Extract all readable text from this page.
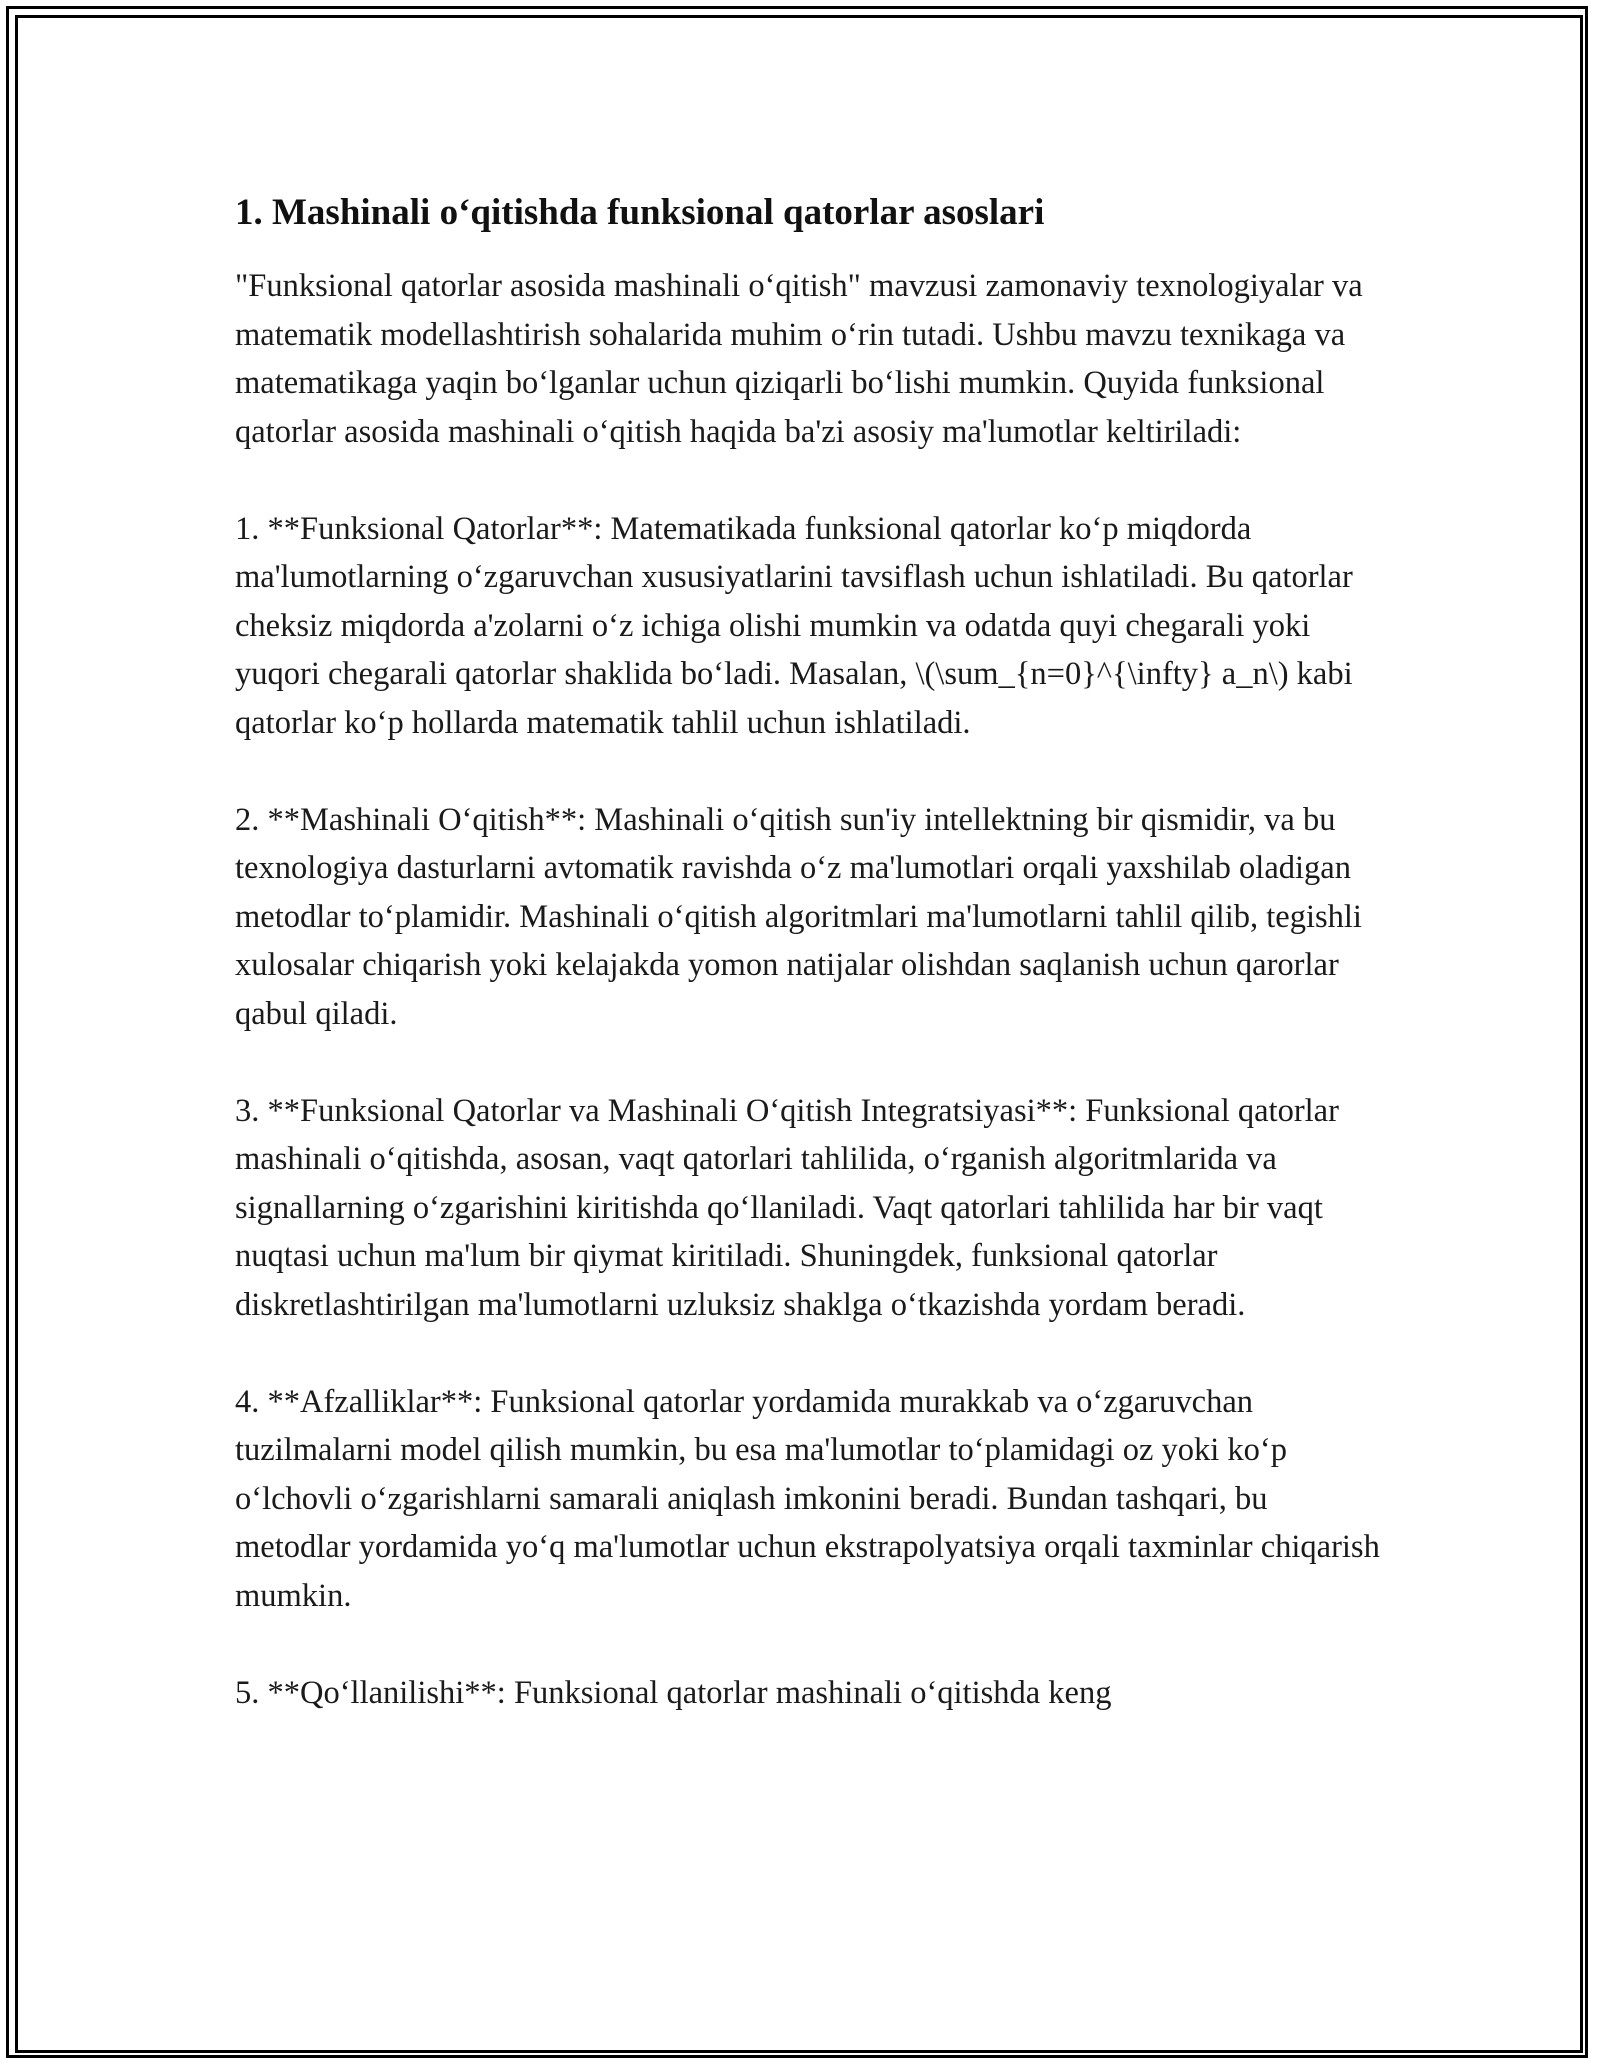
1. Mashinali o‘qitishda funksional qatorlar asoslari

"Funksional qatorlar asosida mashinali o‘qitish" mavzusi zamonaviy texnologiyalar va matematik modellashtirish sohalarida muhim o‘rin tutadi. Ushbu mavzu texnikaga va matematikaga yaqin bo‘lganlar uchun qiziqarli bo‘lishi mumkin. Quyida funksional qatorlar asosida mashinali o‘qitish haqida ba'zi asosiy ma'lumotlar keltiriladi:

1. **Funksional Qatorlar**: Matematikada funksional qatorlar ko‘p miqdorda ma'lumotlarning o‘zgaruvchan xususiyatlarini tavsiflash uchun ishlatiladi. Bu qatorlar cheksiz miqdorda a'zolarni o‘z ichiga olishi mumkin va odatda quyi chegarali yoki yuqori chegarali qatorlar shaklida bo‘ladi. Masalan, \(\sum_{n=0}^{\infty} a_n\) kabi qatorlar ko‘p hollarda matematik tahlil uchun ishlatiladi.

2. **Mashinali O‘qitish**: Mashinali o‘qitish sun'iy intellektning bir qismidir, va bu texnologiya dasturlarni avtomatik ravishda o‘z ma'lumotlari orqali yaxshilab oladigan metodlar to‘plamidir. Mashinali o‘qitish algoritmlari ma'lumotlarni tahlil qilib, tegishli xulosalar chiqarish yoki kelajakda yomon natijalar olishdan saqlanish uchun qarorlar qabul qiladi.

3. **Funksional Qatorlar va Mashinali O‘qitish Integratsiyasi**: Funksional qatorlar mashinali o‘qitishda, asosan, vaqt qatorlari tahlilida, o‘rganish algoritmlarida va signallarning o‘zgarishini kiritishda qo‘llaniladi. Vaqt qatorlari tahlilida har bir vaqt nuqtasi uchun ma'lum bir qiymat kiritiladi. Shuningdek, funksional qatorlar diskretlashtirilgan ma'lumotlarni uzluksiz shaklga o‘tkazishda yordam beradi.

4. **Afzalliklar**: Funksional qatorlar yordamida murakkab va o‘zgaruvchan tuzilmalarni model qilish mumkin, bu esa ma'lumotlar to‘plamidagi oz yoki ko‘p o‘lchovli o‘zgarishlarni samarali aniqlash imkonini beradi. Bundan tashqari, bu metodlar yordamida yo‘q ma'lumotlar uchun ekstrapolyatsiya orqali taxminlar chiqarish mumkin.

5. **Qo‘llanilishi**: Funksional qatorlar mashinali o‘qitishda keng
